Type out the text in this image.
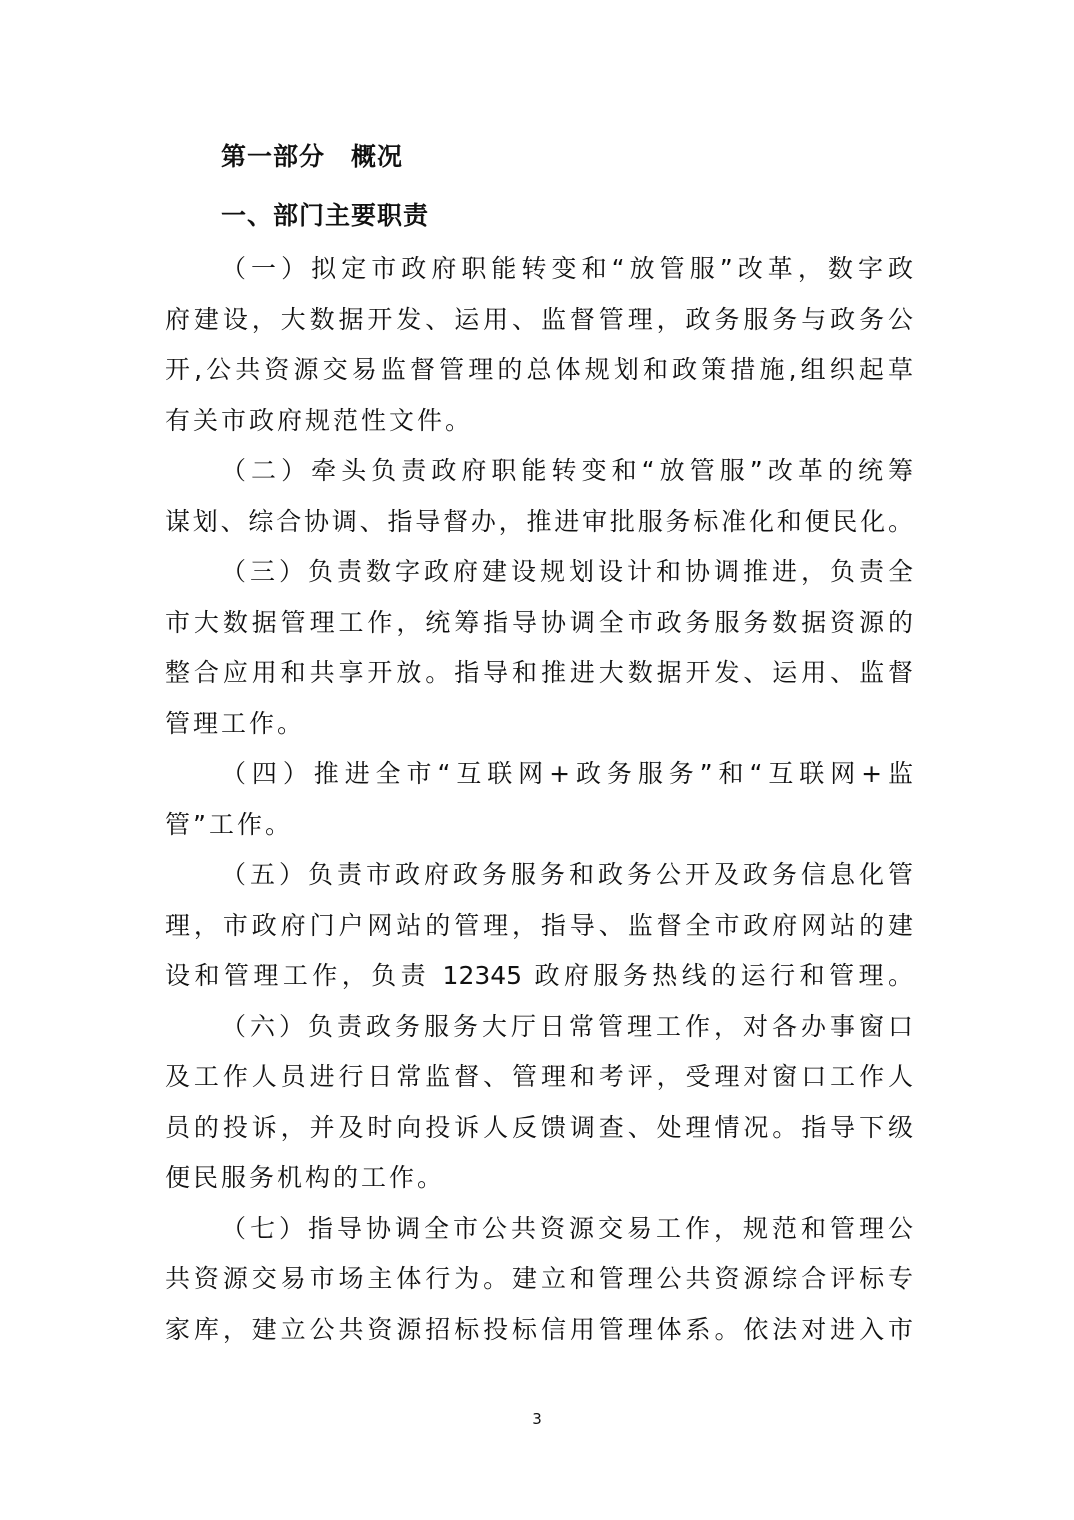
第一部分　概况
一、部门主要职责

（一）拟定市政府职能转变和“放管服”改革，数字政

府建设，大数据开发、运用、监督管理，政务服务与政务公

开,公共资源交易监督管理的总体规划和政策措施,组织起草

有关市政府规范性文件。

（二）牵头负责政府职能转变和“放管服”改革的统筹

谋划、综合协调、指导督办，推进审批服务标准化和便民化。

（三）负责数字政府建设规划设计和协调推进，负责全

市大数据管理工作，统筹指导协调全市政务服务数据资源的

整合应用和共享开放。指导和推进大数据开发、运用、监督

管理工作。

（四）推进全市“互联网+政务服务”和“互联网+监

管”工作。

（五）负责市政府政务服务和政务公开及政务信息化管

理，市政府门户网站的管理，指导、监督全市政府网站的建

设和管理工作，负责 12345 政府服务热线的运行和管理。

（六）负责政务服务大厅日常管理工作，对各办事窗口

及工作人员进行日常监督、管理和考评，受理对窗口工作人

员的投诉，并及时向投诉人反馈调查、处理情况。指导下级

便民服务机构的工作。

（七）指导协调全市公共资源交易工作，规范和管理公

共资源交易市场主体行为。建立和管理公共资源综合评标专

家库，建立公共资源招标投标信用管理体系。依法对进入市

3
